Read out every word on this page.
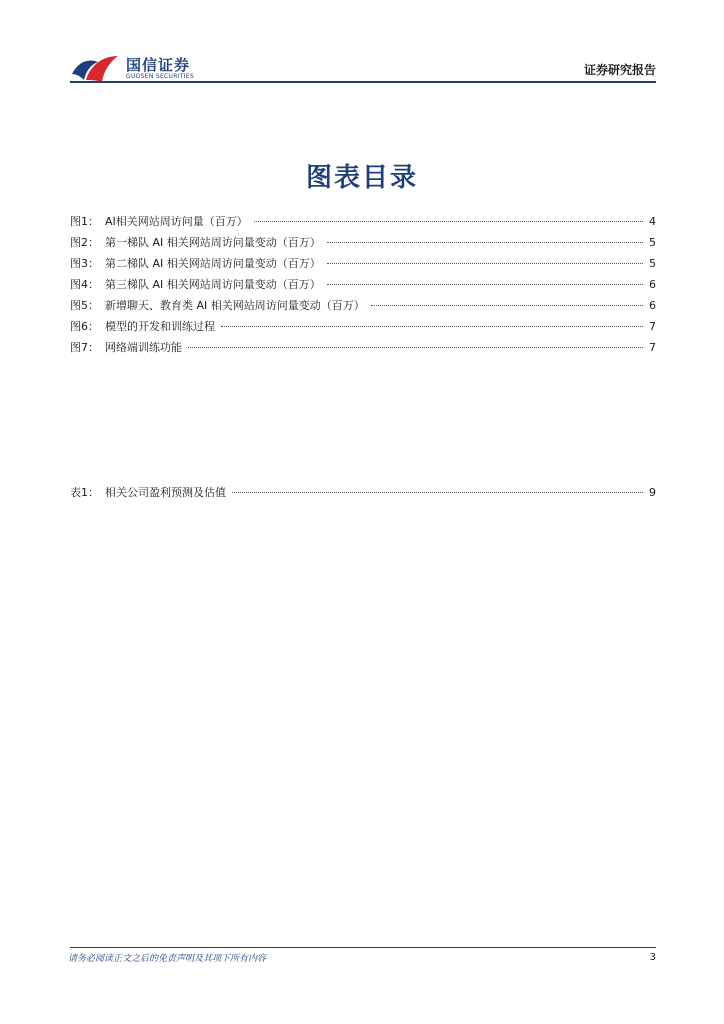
国信证券
GUOSEN SECURITIES	证券研究报告
图表目录
图1： AI相关网站周访问量（百万）	4
图2： 第一梯队 AI 相关网站周访问量变动（百万）	5
图3： 第二梯队 AI 相关网站周访问量变动（百万）	5
图4： 第三梯队 AI 相关网站周访问量变动（百万）	6
图5： 新增聊天、教育类 AI 相关网站周访问量变动（百万）	6
图6： 模型的开发和训练过程	7
图7： 网络端训练功能	7
表1： 相关公司盈利预测及估值	9
请务必阅读正文之后的免责声明及其项下所有内容	3
